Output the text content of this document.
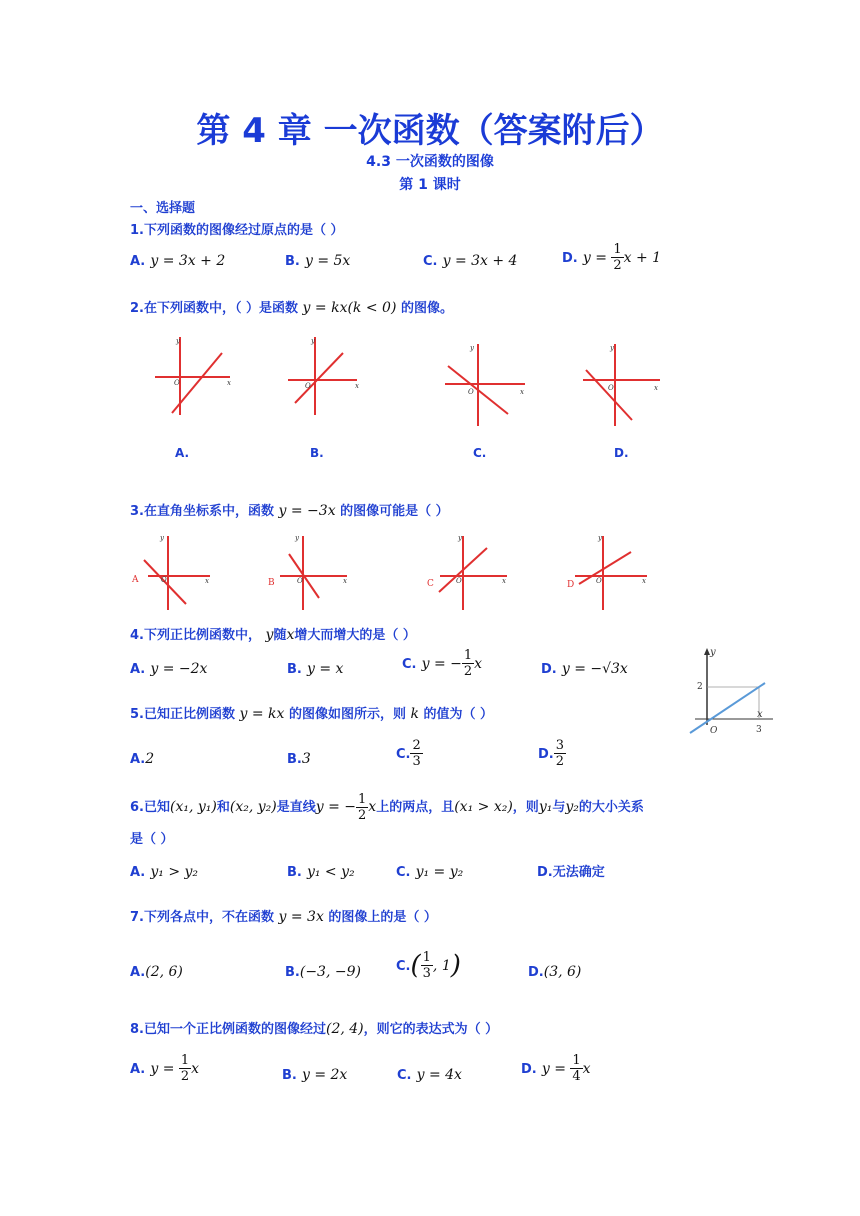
第 4 章 一次函数（答案附后）
4.3 一次函数的图像
第 1 课时
一、选择题
1.下列函数的图像经过原点的是（ ）
A. y = 3x + 2	B. y = 5x	C. y = 3x + 4	D. $y = \frac{1}{2}$ x + 1
2.在下列函数中，（ ）是函数 y = kx(k < 0) 的图像。
y
O	x
y
O	x
y
O	x
y
O	x
A.	B.	C.	D.
3.在直角坐标系中，函数 y = −3x 的图像可能是（ ）
A
y
O	x	B
y
O	x	C
y
O	x	D
y
O	x
4.下列正比例函数中， y随x增大而增大的是（ ）
A. y = −2x	B. y = x	C. y = − $\frac{1}{2}$ x	D. y = −√3x
y
2
x
O	3
5.已知正比例函数 y = kx 的图像如图所示，则 k 的值为（ ）
A.2	B.3	C. $\frac{2}{3}$	D. $\frac{3}{2}$
6.已知(x₁, y₁)和(x₂, y₂)是直线y = − $\frac{1}{2}$ x上的两点，且(x₁ > x₂)，则y₁与y₂的大小关系
是（ ）
A. y₁ > y₂	B. y₁ < y₂	C. y₁ = y₂	D.无法确定
7.下列各点中，不在函数 y = 3x 的图像上的是（ ）
A.(2, 6)	B.(−3, −9)	$C.( \frac{1}{3}$ , 1)	D.(3, 6)
8.已知一个正比例函数的图像经过(2, 4)，则它的表达式为（ ）
A. $y = \frac{1}{2}$ x	B. y = 2x	C. y = 4x	D. $y = \frac{1}{4}$ x
